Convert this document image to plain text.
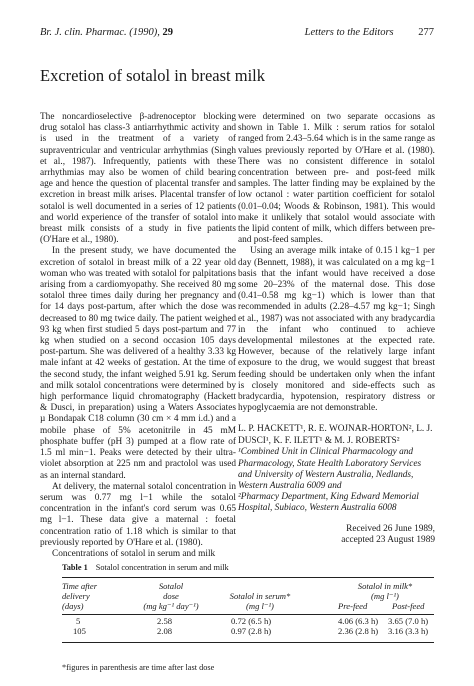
Br. J. clin. Pharmac. (1990), 29	Letters to the Editors 277
Excretion of sotalol in breast milk

The noncardioselective β-adrenoceptor blocking drug sotalol has class-3 antiarrhythmic activity and is used in the treatment of a variety of supraventricular and ventricular arrhythmias (Singh et al., 1987). Infrequently, patients with these arrhythmias may also be women of child bearing age and hence the question of placental transfer and excretion in breast milk arises. Placental transfer of sotalol is well documented in a series of 12 patients and world experience of the transfer of sotalol into breast milk consists of a study in five patients (O'Hare et al., 1980).

In the present study, we have documented the excretion of sotalol in breast milk of a 22 year old woman who was treated with sotalol for palpitations arising from a cardiomyopathy. She received 80 mg sotalol three times daily during her pregnancy and for 14 days post-partum, after which the dose was decreased to 80 mg twice daily. The patient weighed 93 kg when first studied 5 days post-partum and 77 kg when studied on a second occasion 105 days post-partum. She was delivered of a healthy 3.33 kg male infant at 42 weeks of gestation. At the time of the second study, the infant weighed 5.91 kg. Serum and milk sotalol concentrations were determined by high performance liquid chromatography (Hackett & Dusci, in preparation) using a Waters Associates µ Bondapak C18 column (30 cm × 4 mm i.d.) and a mobile phase of 5% acetonitrile in 45 mM phosphate buffer (pH 3) pumped at a flow rate of 1.5 ml min−1. Peaks were detected by their ultra-violet absorption at 225 nm and practolol was used as an internal standard.

At delivery, the maternal sotalol concentration in serum was 0.77 mg l−1 while the sotalol concentration in the infant's cord serum was 0.65 mg l−1. These data give a maternal : foetal concentration ratio of 1.18 which is similar to that previously reported by O'Hare et al. (1980).

Concentrations of sotalol in serum and milk

were determined on two separate occasions as shown in Table 1. Milk : serum ratios for sotalol ranged from 2.43–5.64 which is in the same range as values previously reported by O'Hare et al. (1980). There was no consistent difference in sotalol concentration between pre- and post-feed milk samples. The latter finding may be explained by the low octanol : water partition coefficient for sotalol (0.01–0.04; Woods & Robinson, 1981). This would make it unlikely that sotalol would associate with the lipid content of milk, which differs between pre- and post-feed samples.

Using an average milk intake of 0.15 l kg−1 per day (Bennett, 1988), it was calculated on a mg kg−1 basis that the infant would have received a dose some 20–23% of the maternal dose. This dose (0.41–0.58 mg kg−1) which is lower than that recommended in adults (2.28–4.57 mg kg−1; Singh et al., 1987) was not associated with any bradycardia in the infant who continued to achieve developmental milestones at the expected rate. However, because of the relatively large infant exposure to the drug, we would suggest that breast feeding should be undertaken only when the infant is closely monitored and side-effects such as bradycardia, hypotension, respiratory distress or hypoglycaemia are not demonstrable.

L. P. HACKETT¹, R. E. WOJNAR-HORTON², L. J. DUSCI¹, K. F. ILETT¹ & M. J. ROBERTS²

¹Combined Unit in Clinical Pharmacology and Pharmacology, State Health Laboratory Services and University of Western Australia, Nedlands, Western Australia 6009 and

²Pharmacy Department, King Edward Memorial Hospital, Subiaco, Western Australia 6008

Received 26 June 1989,
accepted 23 August 1989
Table 1 Sotalol concentration in serum and milk
Time after
delivery
(days)
Sotalol
dose
(mg kg⁻¹ day⁻¹)
Sotalol in serum*
(mg l⁻¹)
Sotalol in milk*
(mg l⁻¹)
Pre-feed	Post-feed
5	2.58	0.72 (6.5 h)	4.06 (6.3 h) 3.65 (7.0 h)
105	2.08	0.97 (2.8 h)	2.36 (2.8 h) 3.16 (3.3 h)
*figures in parenthesis are time after last dose
